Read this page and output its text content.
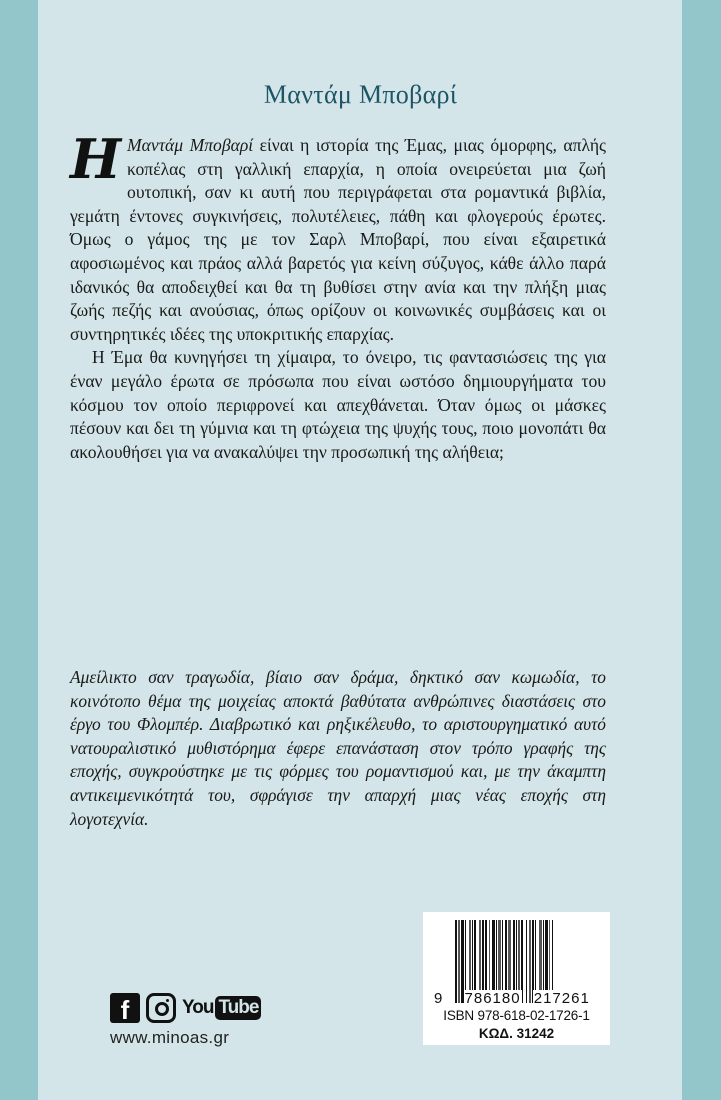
Μαντάμ Μποβαρί

Η Μαντάμ Μποβαρί είναι η ιστορία της Έμας, μιας όμορφης, απλής κοπέλας στη γαλλική επαρχία, η οποία ονειρεύεται μια ζωή ουτοπική, σαν κι αυτή που περιγράφεται στα ρομαντικά βιβλία, γεμάτη έντονες συγκινήσεις, πολυτέλειες, πάθη και φλογερούς έρωτες. Όμως ο γάμος της με τον Σαρλ Μποβαρί, που είναι εξαιρετικά αφοσιωμένος και πράος αλλά βαρετός για κείνη σύζυγος, κάθε άλλο παρά ιδανικός θα αποδειχθεί και θα τη βυθίσει στην ανία και την πλήξη μιας ζωής πεζής και ανούσιας, όπως ορίζουν οι κοινωνικές συμβάσεις και οι συντηρητικές ιδέες της υποκριτικής επαρχίας.

Η Έμα θα κυνηγήσει τη χίμαιρα, το όνειρο, τις φαντασιώσεις της για έναν μεγάλο έρωτα σε πρόσωπα που είναι ωστόσο δημιουργήματα του κόσμου τον οποίο περιφρονεί και απεχθάνεται. Όταν όμως οι μάσκες πέσουν και δει τη γύμνια και τη φτώχεια της ψυχής τους, ποιο μονοπάτι θα ακολουθήσει για να ανακαλύψει την προσωπική της αλήθεια;

Αμείλικτο σαν τραγωδία, βίαιο σαν δράμα, δηκτικό σαν κωμωδία, το κοινότοπο θέμα της μοιχείας αποκτά βαθύτατα ανθρώπινες διαστάσεις στο έργο του Φλομπέρ. Διαβρωτικό και ρηξικέλευθο, το αριστουργηματικό αυτό νατουραλιστικό μυθιστόρημα έφερε επανάσταση στον τρόπο γραφής της εποχής, συγκρούστηκε με τις φόρμες του ρομαντισμού και, με την άκαμπτη αντικειμενικότητά του, σφράγισε την απαρχή μιας νέας εποχής στη λογοτεχνία.
f	You Tube
www.minoas.gr
9 786180 217261
ISBN 978-618-02-1726-1
ΚΩΔ. 31242
